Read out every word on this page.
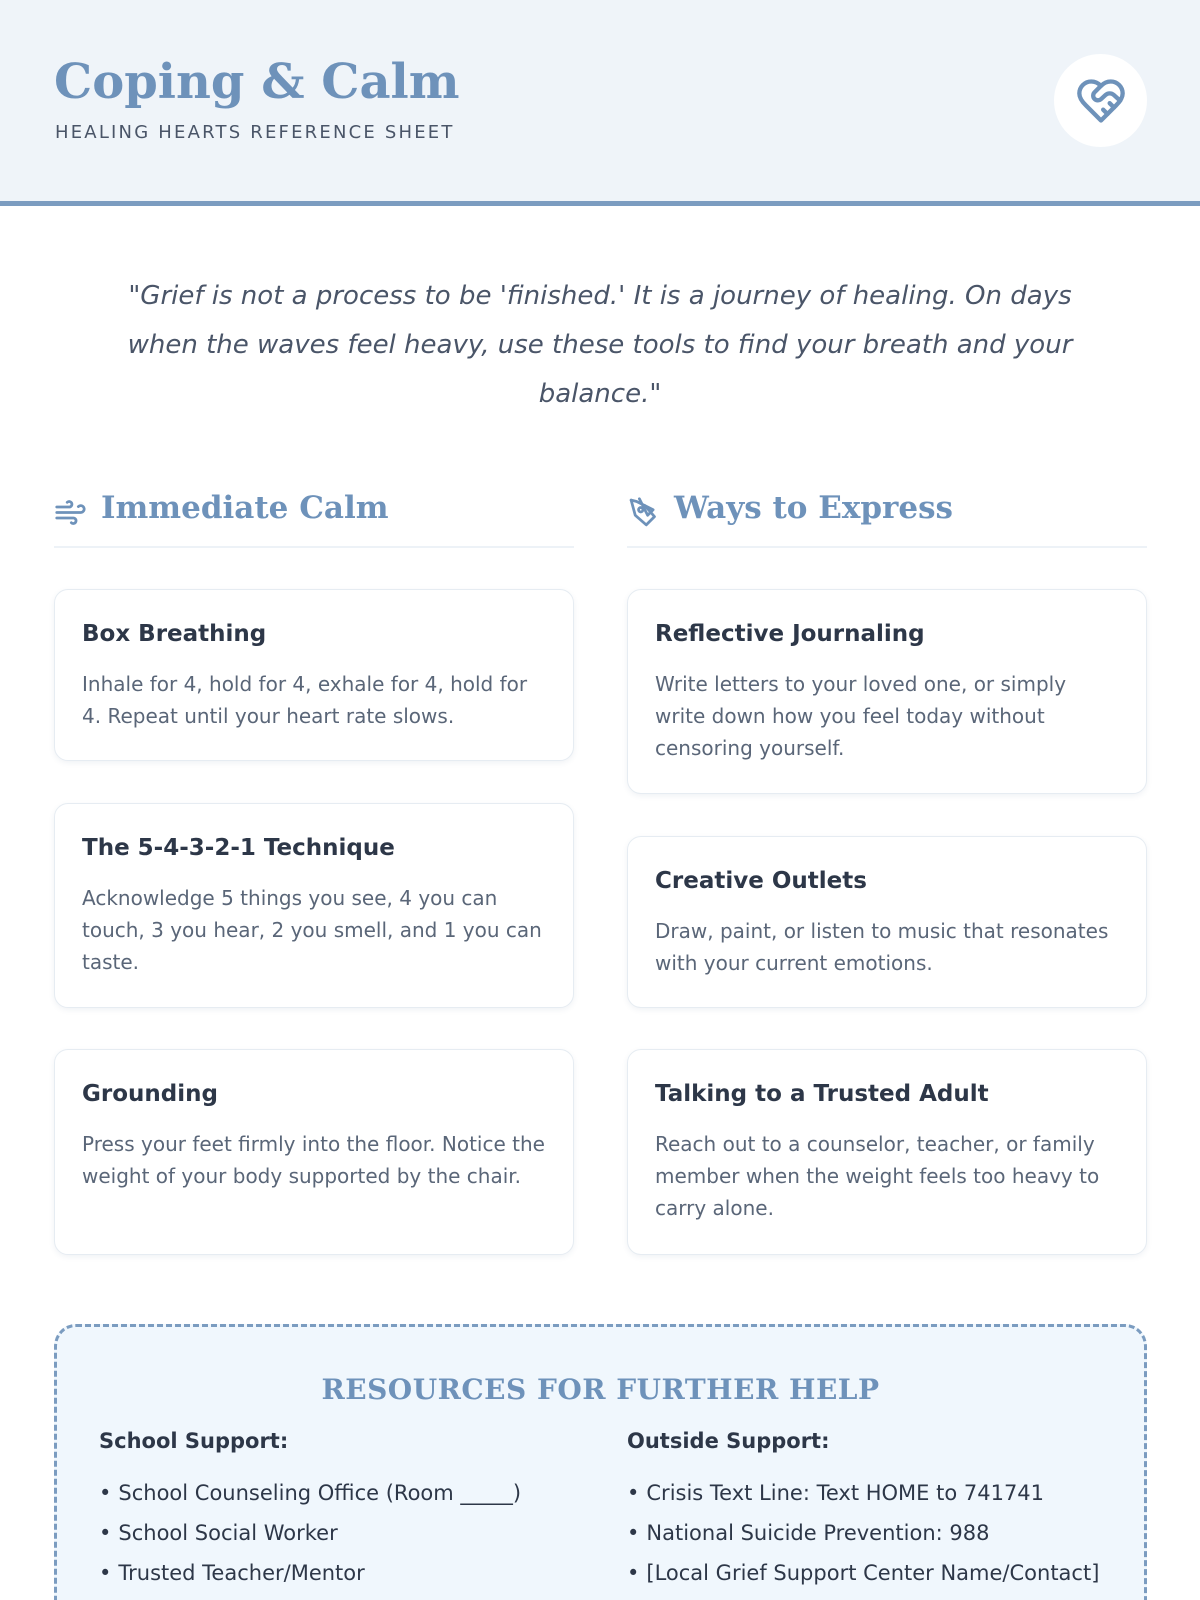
Coping & Calm
HEALING HEARTS REFERENCE SHEET
"Grief is not a process to be 'finished.' It is a journey of healing. On days when the waves feel heavy, use these tools to find your breath and your balance."
Immediate Calm	Ways to Express
Box Breathing
Inhale for 4, hold for 4, exhale for 4, hold for 4. Repeat until your heart rate slows.
The 5-4-3-2-1 Technique
Acknowledge 5 things you see, 4 you can touch, 3 you hear, 2 you smell, and 1 you can taste.
Grounding
Press your feet firmly into the floor. Notice the weight of your body supported by the chair.
Reflective Journaling
Write letters to your loved one, or simply write down how you feel today without censoring yourself.
Creative Outlets
Draw, paint, or listen to music that resonates with your current emotions.
Talking to a Trusted Adult
Reach out to a counselor, teacher, or family member when the weight feels too heavy to carry alone.
RESOURCES FOR FURTHER HELP
School Support:
• School Counseling Office (Room _____)
• School Social Worker
• Trusted Teacher/Mentor
Outside Support:
• Crisis Text Line: Text HOME to 741741
• National Suicide Prevention: 988
• [Local Grief Support Center Name/Contact]
